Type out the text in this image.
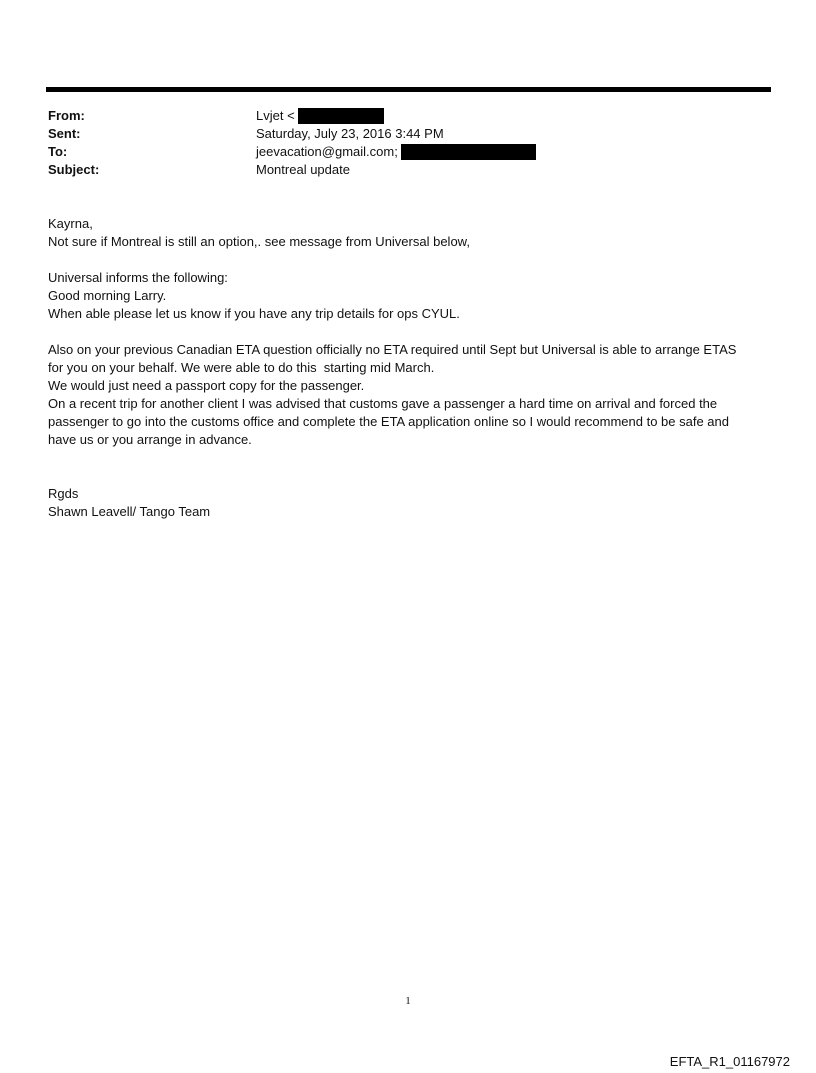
From:	Lvjet <
Sent:	Saturday, July 23, 2016 3:44 PM
To:	jeevacation@gmail.com;
Subject:	Montreal update
Kayrna,
Not sure if Montreal is still an option,. see message from Universal below,
Universal informs the following:
Good morning Larry.
When able please let us know if you have any trip details for ops CYUL.
Also on your previous Canadian ETA question officially no ETA required until Sept but Universal is able to arrange ETAS
for you on your behalf. We were able to do this  starting mid March.
We would just need a passport copy for the passenger.
On a recent trip for another client I was advised that customs gave a passenger a hard time on arrival and forced the
passenger to go into the customs office and complete the ETA application online so I would recommend to be safe and
have us or you arrange in advance.
Rgds
Shawn Leavell/ Tango Team
1
EFTA_R1_01167972
